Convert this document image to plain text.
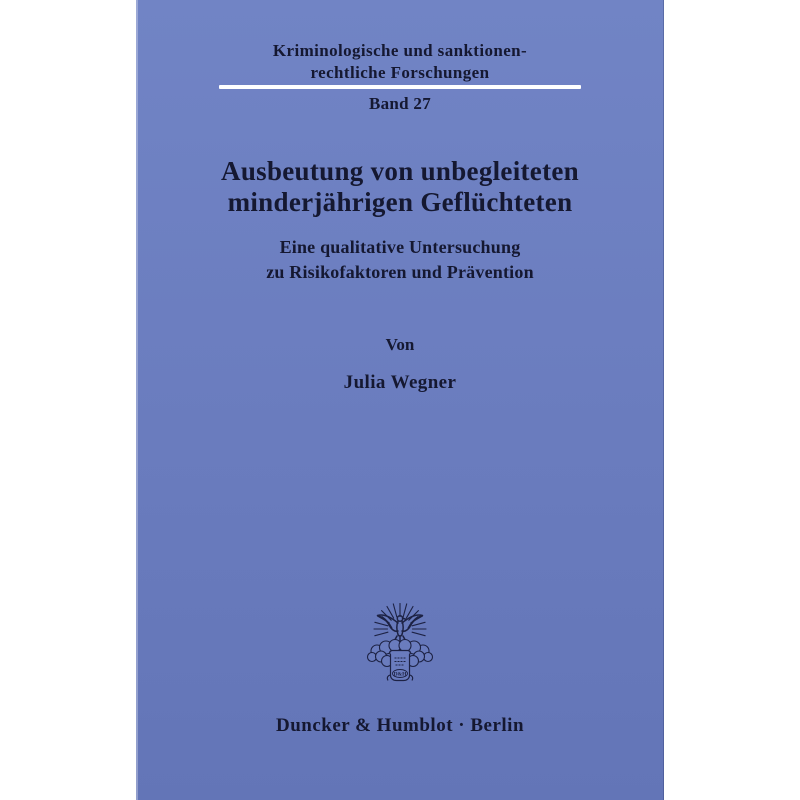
Kriminologische und sanktionen-
rechtliche Forschungen
Band 27
Ausbeutung von unbegleiteten
minderjährigen Geflüchteten
Eine qualitative Untersuchung
zu Risikofaktoren und Prävention
Von
Julia Wegner
D&H
Duncker & Humblot · Berlin
